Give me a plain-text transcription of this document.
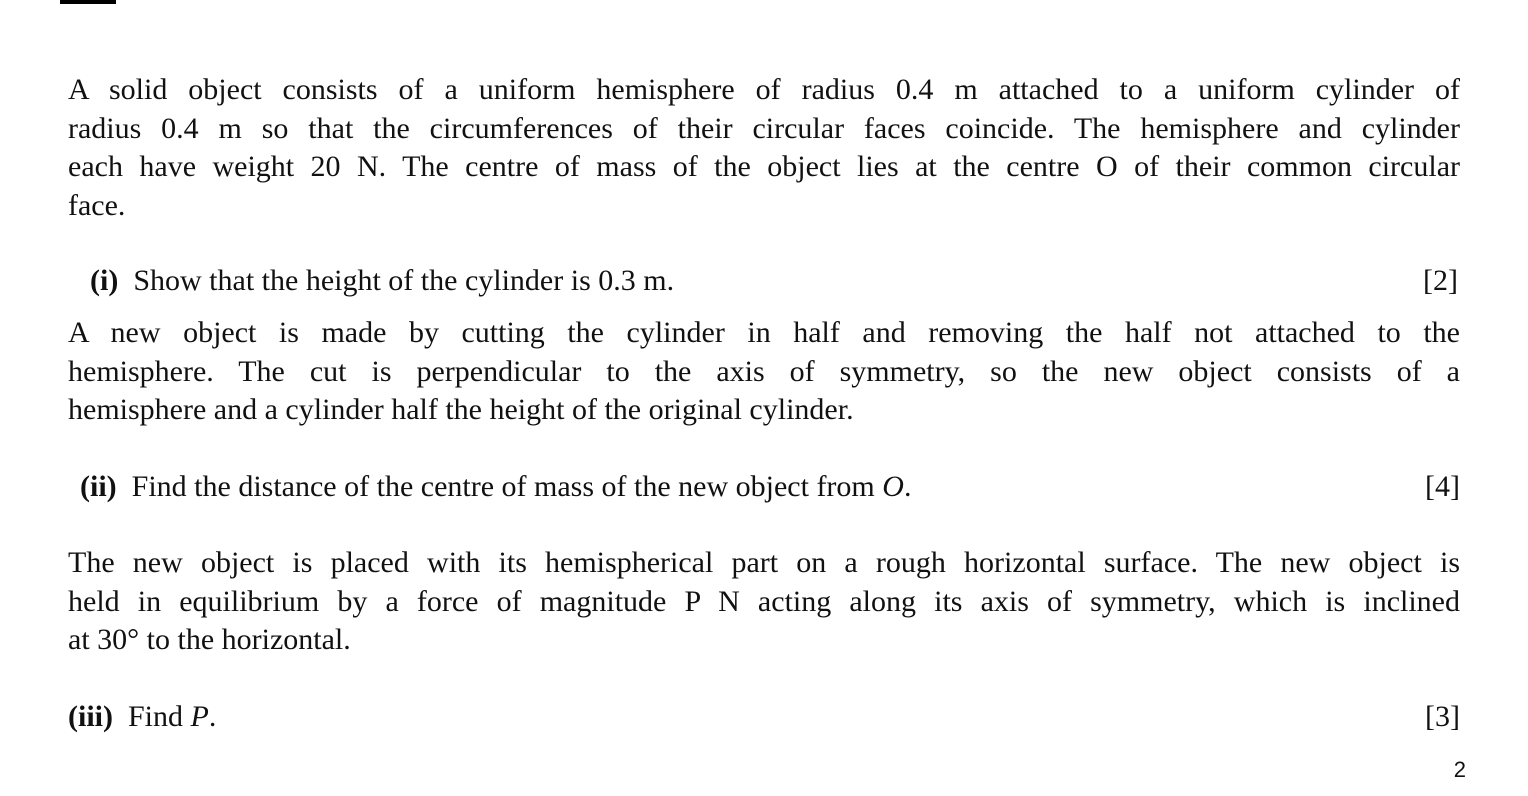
A solid object consists of a uniform hemisphere of radius 0.4 m attached to a uniform cylinder of
radius 0.4 m so that the circumferences of their circular faces coincide. The hemisphere and cylinder
each have weight 20 N. The centre of mass of the object lies at the centre O of their common circular
face.
(i) Show that the height of the cylinder is 0.3 m.	[2]
A new object is made by cutting the cylinder in half and removing the half not attached to the
hemisphere. The cut is perpendicular to the axis of symmetry, so the new object consists of a
hemisphere and a cylinder half the height of the original cylinder.
(ii) Find the distance of the centre of mass of the new object from O.	[4]
The new object is placed with its hemispherical part on a rough horizontal surface. The new object is
held in equilibrium by a force of magnitude P N acting along its axis of symmetry, which is inclined
at 30° to the horizontal.
(iii) Find P.	[3]
2
